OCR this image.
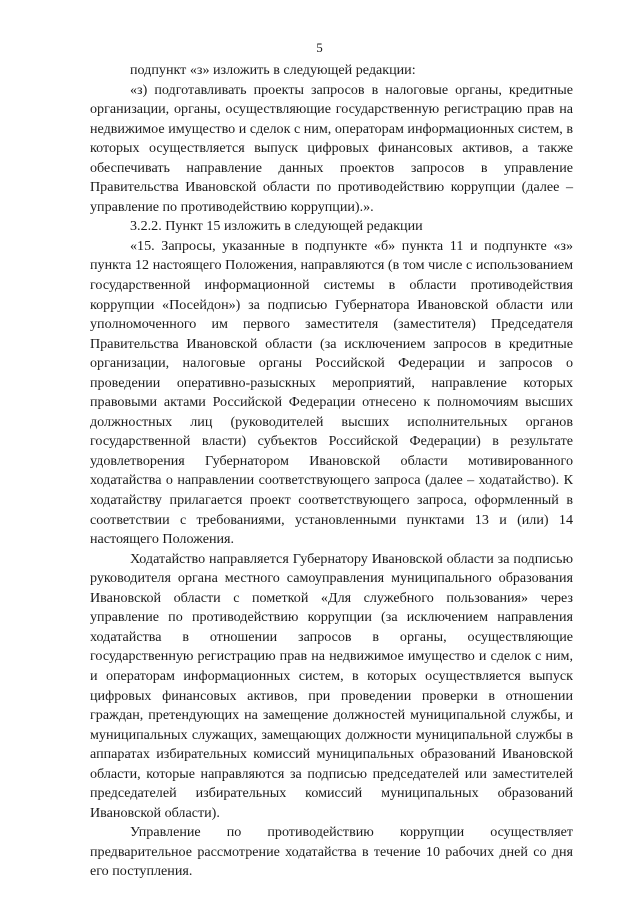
5

подпункт «з» изложить в следующей редакции:

«з) подготавливать проекты запросов в налоговые органы, кредитные организации, органы, осуществляющие государственную регистрацию прав на недвижимое имущество и сделок с ним, операторам информационных систем, в которых осуществляется выпуск цифровых финансовых активов, а также обеспечивать направление данных проектов запросов в управление Правительства Ивановской области по противодействию коррупции (далее – управление по противодействию коррупции).».

3.2.2. Пункт 15 изложить в следующей редакции

«15. Запросы, указанные в подпункте «б» пункта 11 и подпункте «з» пункта 12 настоящего Положения, направляются (в том числе с использованием государственной информационной системы в области противодействия коррупции «Посейдон») за подписью Губернатора Ивановской области или уполномоченного им первого заместителя (заместителя) Председателя Правительства Ивановской области (за исключением запросов в кредитные организации, налоговые органы Российской Федерации и запросов о проведении оперативно-разыскных мероприятий, направление которых правовыми актами Российской Федерации отнесено к полномочиям высших должностных лиц (руководителей высших исполнительных органов государственной власти) субъектов Российской Федерации) в результате удовлетворения Губернатором Ивановской области мотивированного ходатайства о направлении соответствующего запроса (далее – ходатайство). К ходатайству прилагается проект соответствующего запроса, оформленный в соответствии с требованиями, установленными пунктами 13 и (или) 14 настоящего Положения.

Ходатайство направляется Губернатору Ивановской области за подписью руководителя органа местного самоуправления муниципального образования Ивановской области с пометкой «Для служебного пользования» через управление по противодействию коррупции (за исключением направления ходатайства в отношении запросов в органы, осуществляющие государственную регистрацию прав на недвижимое имущество и сделок с ним, и операторам информационных систем, в которых осуществляется выпуск цифровых финансовых активов, при проведении проверки в отношении граждан, претендующих на замещение должностей муниципальной службы, и муниципальных служащих, замещающих должности муниципальной службы в аппаратах избирательных комиссий муниципальных образований Ивановской области, которые направляются за подписью председателей или заместителей председателей избирательных комиссий муниципальных образований Ивановской области).

Управление по противодействию коррупции осуществляет предварительное рассмотрение ходатайства в течение 10 рабочих дней со дня его поступления.
